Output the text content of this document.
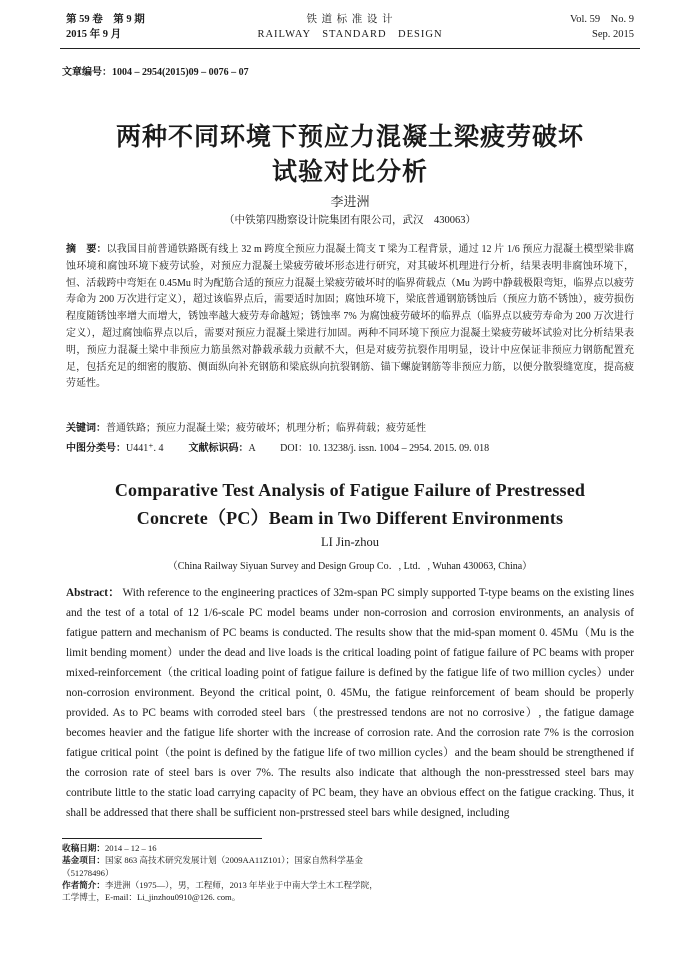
第 59 卷　第 9 期
2015 年 9 月
铁 道 标 准 设 计
RAILWAY　STANDARD　DESIGN
Vol. 59　No. 9
Sep. 2015
文章编号：1004 – 2954(2015)09 – 0076 – 07
两种不同环境下预应力混凝土梁疲劳破坏
试验对比分析
李进洲
（中铁第四勘察设计院集团有限公司，武汉　430063）
摘　要：以我国目前普通铁路既有线上 32 m 跨度全预应力混凝土简支 T 梁为工程背景，通过 12 片 1/6 预应力混凝土模型梁非腐蚀环境和腐蚀环境下疲劳试验，对预应力混凝土梁疲劳破坏形态进行研究，对其破坏机理进行分析，结果表明非腐蚀环境下，恒、活载跨中弯矩在 0.45Mu 时为配筋合适的预应力混凝土梁疲劳破坏时的临界荷载点（Mu 为跨中静载极限弯矩，临界点以疲劳寿命为 200 万次进行定义），超过该临界点后，需要适时加固；腐蚀环境下，梁底普通钢筋锈蚀后（预应力筋不锈蚀），疲劳损伤程度随锈蚀率增大而增大，锈蚀率越大疲劳寿命越短；锈蚀率 7% 为腐蚀疲劳破坏的临界点（临界点以疲劳寿命为 200 万次进行定义），超过腐蚀临界点以后，需要对预应力混凝土梁进行加固。两种不同环境下预应力混凝土梁疲劳破坏试验对比分析结果表明，预应力混凝土梁中非预应力筋虽然对静载承载力贡献不大，但是对疲劳抗裂作用明显，设计中应保证非预应力钢筋配置充足，包括充足的细密的腹筋、侧面纵向补充钢筋和梁底纵向抗裂钢筋、锚下螺旋钢筋等非预应力筋，以便分散裂缝宽度，提高疲劳延性。
关键词：普通铁路；预应力混凝土梁；疲劳破坏；机理分析；临界荷载；疲劳延性
中图分类号：U441⁺. 4	文献标识码：A	DOI：10. 13238/j. issn. 1004 – 2954. 2015. 09. 018
Comparative Test Analysis of Fatigue Failure of Prestressed
Concrete（PC）Beam in Two Different Environments
LI Jin-zhou
（China Railway Siyuan Survey and Design Group Co．, Ltd．, Wuhan 430063, China）
Abstract： With reference to the engineering practices of 32m-span PC simply supported T-type beams on the existing lines and the test of a total of 12 1/6-scale PC model beams under non-corrosion and corrosion environments, an analysis of fatigue pattern and mechanism of PC beams is conducted. The results show that the mid-span moment 0. 45Mu（Mu is the limit bending moment）under the dead and live loads is the critical loading point of fatigue failure of PC beams with proper mixed-reinforcement（the critical loading point of fatigue failure is defined by the fatigue life of two million cycles）under non-corrosion environment. Beyond the critical point, 0. 45Mu, the fatigue reinforcement of beam should be properly provided. As to PC beams with corroded steel bars（the prestressed tendons are not no corrosive）, the fatigue damage becomes heavier and the fatigue life shorter with the increase of corrosion rate. And the corrosion rate 7% is the corrosion fatigue critical point（the point is defined by the fatigue life of two million cycles）and the beam should be strengthened if the corrosion rate of steel bars is over 7%. The results also indicate that although the non-presstressed steel bars may contribute little to the static load carrying capacity of PC beam, they have an obvious effect on the fatigue cracking. Thus, it shall be addressed that there shall be sufficient non-prstressed steel bars while designed, including
收稿日期：2014 – 12 – 16
基金项目：国家 863 高技术研究发展计划（2009AA11Z101）；国家自然科学基金（51278496）
作者简介：李进洲（1975—），男，工程师，2013 年毕业于中南大学土木工程学院，工学博士，E-mail：Li_jinzhou0910@126. com。
